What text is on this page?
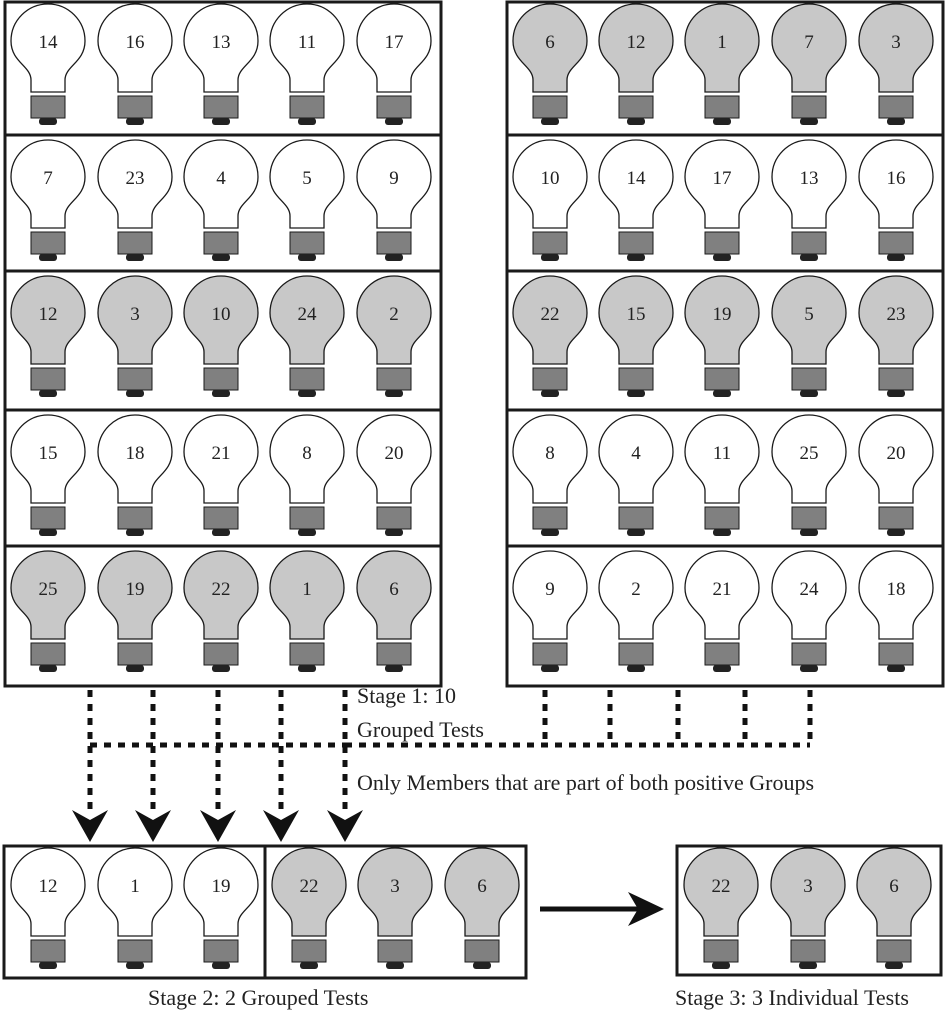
14	16	13	11	17
7	23	4	5	9
12	3	10	24	2
15	18	21	8	20
25	19	22	1	6
6	12	1	7	3
10	14	17	13	16
22	15	19	5	23
8	4	11	25	20
9	2	21	24	18
Stage 1: 10
Grouped Tests
Only Members that are part of both positive Groups
12	1	19	22	3	6
Stage 2: 2 Grouped Tests
22	3	6
Stage 3: 3 Individual Tests
